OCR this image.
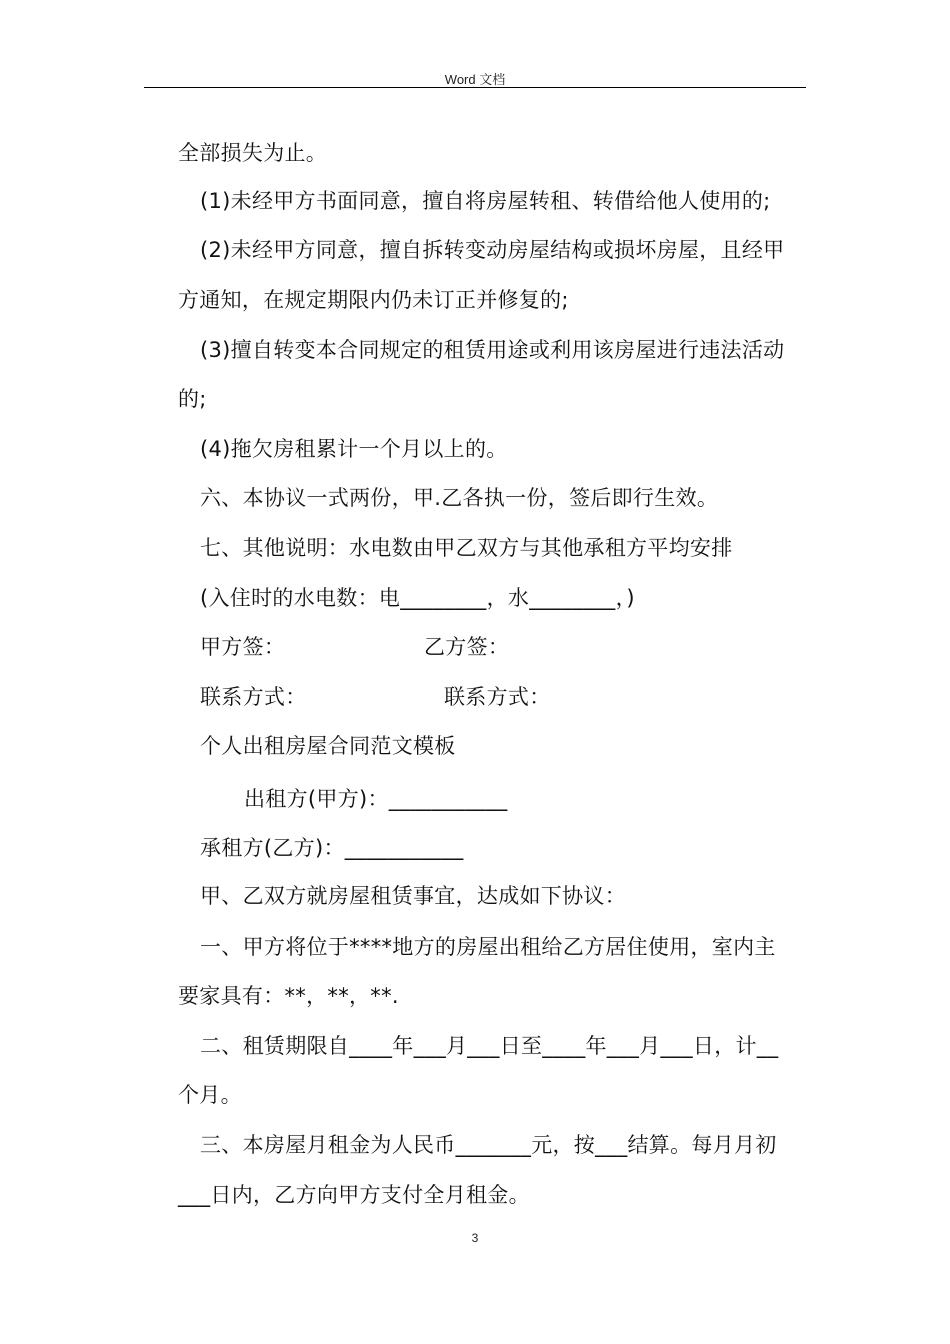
Word 文档
全部损失为止。
(1)未经甲方书面同意，擅自将房屋转租、转借给他人使用的;
(2)未经甲方同意，擅自拆转变动房屋结构或损坏房屋，且经甲
方通知，在规定期限内仍未订正并修复的;
(3)擅自转变本合同规定的租赁用途或利用该房屋进行违法活动
的;
(4)拖欠房租累计一个月以上的。
六、本协议一式两份，甲.乙各执一份，签后即行生效。
七、其他说明：水电数由甲乙双方与其他承租方平均安排
(入住时的水电数：电________，水________，)
甲方签：	乙方签：
联系方式：	联系方式：
个人出租房屋合同范文模板
出租方(甲方)：___________
承租方(乙方)：___________
甲、乙双方就房屋租赁事宜，达成如下协议：
一、甲方将位于****地方的房屋出租给乙方居住使用，室内主
要家具有：**，**，**.
二、租赁期限自____年___月___日至____年___月___日，计__
个月。
三、本房屋月租金为人民币_______元，按___结算。每月月初
___日内，乙方向甲方支付全月租金。
3
